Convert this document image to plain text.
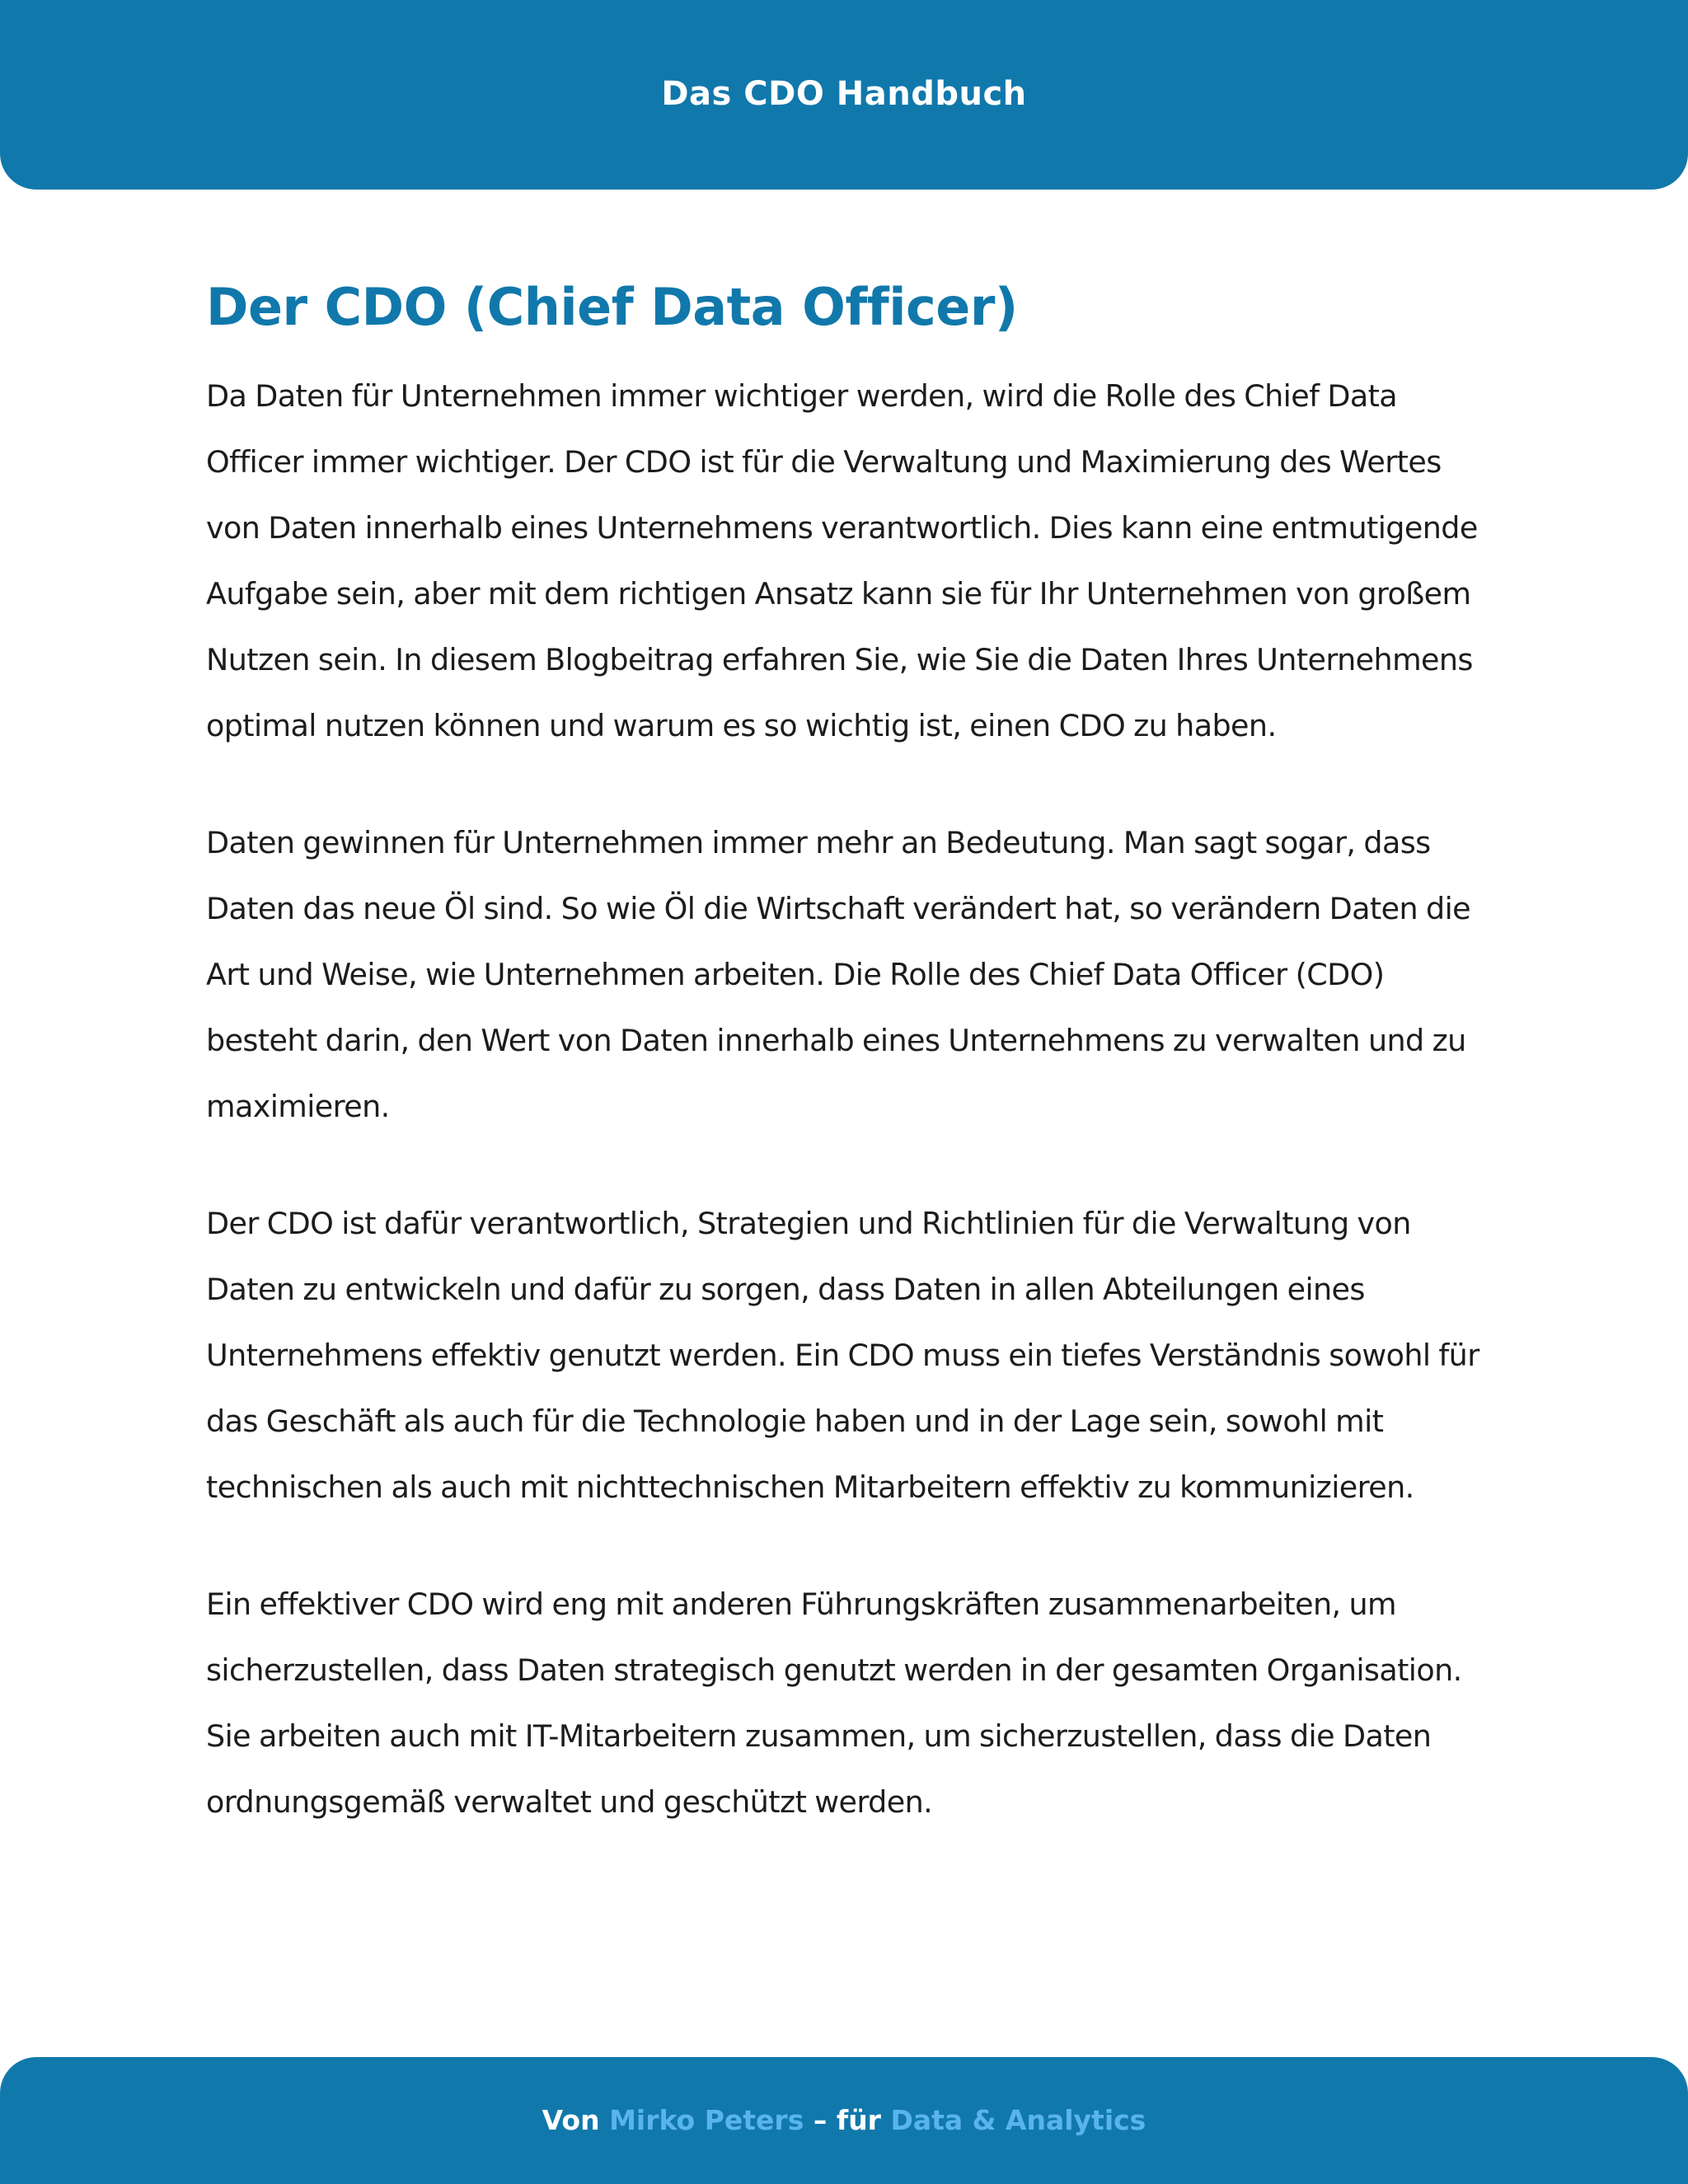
Das CDO Handbuch
Der CDO (Chief Data Officer)

Da Daten für Unternehmen immer wichtiger werden, wird die Rolle des Chief Data Officer immer wichtiger. Der CDO ist für die Verwaltung und Maximierung des Wertes von Daten innerhalb eines Unternehmens verantwortlich. Dies kann eine entmutigende Aufgabe sein, aber mit dem richtigen Ansatz kann sie für Ihr Unternehmen von großem Nutzen sein. In diesem Blogbeitrag erfahren Sie, wie Sie die Daten Ihres Unternehmens optimal nutzen können und warum es so wichtig ist, einen CDO zu haben.

Daten gewinnen für Unternehmen immer mehr an Bedeutung. Man sagt sogar, dass Daten das neue Öl sind. So wie Öl die Wirtschaft verändert hat, so verändern Daten die Art und Weise, wie Unternehmen arbeiten. Die Rolle des Chief Data Officer (CDO) besteht darin, den Wert von Daten innerhalb eines Unternehmens zu verwalten und zu maximieren.

Der CDO ist dafür verantwortlich, Strategien und Richtlinien für die Verwaltung von Daten zu entwickeln und dafür zu sorgen, dass Daten in allen Abteilungen eines Unternehmens effektiv genutzt werden. Ein CDO muss ein tiefes Verständnis sowohl für das Geschäft als auch für die Technologie haben und in der Lage sein, sowohl mit technischen als auch mit nichttechnischen Mitarbeitern effektiv zu kommunizieren.

Ein effektiver CDO wird eng mit anderen Führungskräften zusammenarbeiten, um sicherzustellen, dass Daten strategisch genutzt werden in der gesamten Organisation. Sie arbeiten auch mit IT-Mitarbeitern zusammen, um sicherzustellen, dass die Daten ordnungsgemäß verwaltet und geschützt werden.

Von Mirko Peters – für Data & Analytics
